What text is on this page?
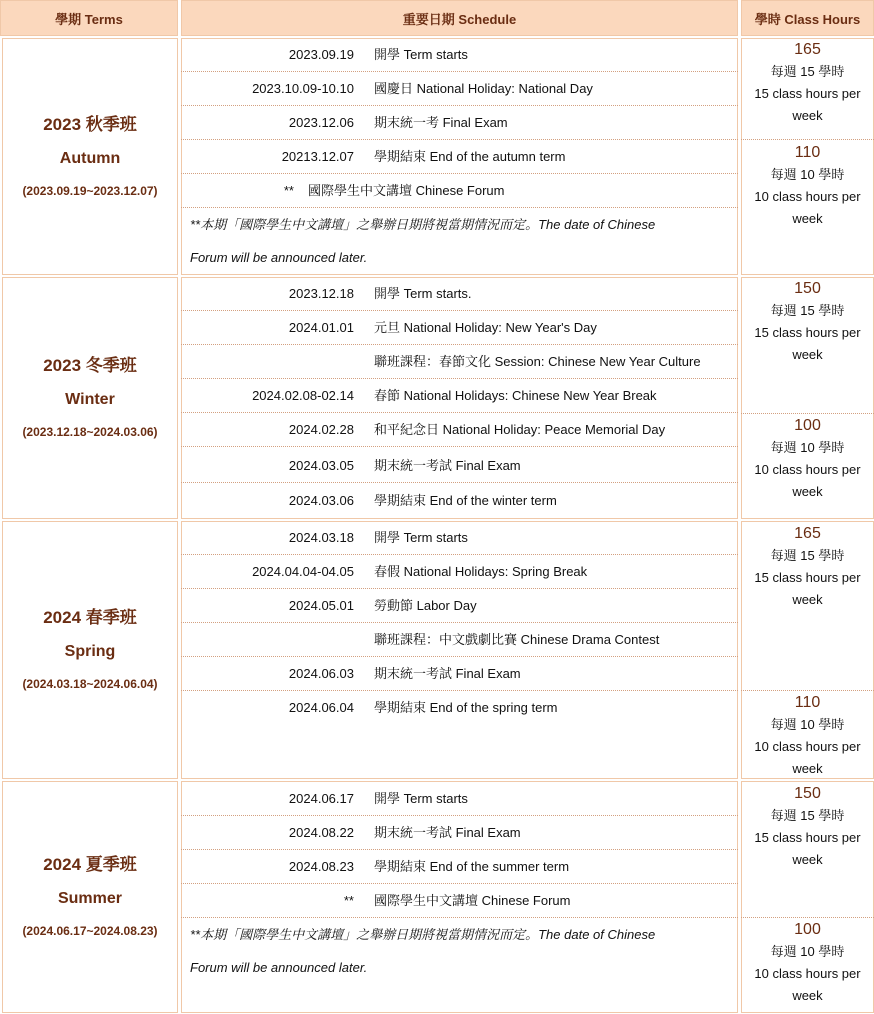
學期 Terms	重要日期 Schedule	學時 Class Hours
2023 秋季班
Autumn
(2023.09.19~2023.12.07)
2023.09.19 開學 Term starts
2023.10.09-10.10 國慶日 National Holiday: National Day
2023.12.06 期末統一考 Final Exam
20213.12.07 學期結束 End of the autumn term
** 國際學生中文講壇 Chinese Forum
**本期「國際學生中文講壇」之舉辦日期將視當期情況而定。The date of Chinese
Forum will be announced later.
165
每週 15 學時
15 class hours per
week
110
每週 10 學時
10 class hours per
week
2023 冬季班
Winter
(2023.12.18~2024.03.06)
2023.12.18 開學 Term starts.
2024.01.01 元旦 National Holiday: New Year's Day
聯班課程：春節文化 Session: Chinese New Year Culture
2024.02.08-02.14 春節 National Holidays: Chinese New Year Break
2024.02.28 和平紀念日 National Holiday: Peace Memorial Day
2024.03.05 期末統一考試 Final Exam
2024.03.06 學期結束 End of the winter term
150
每週 15 學時
15 class hours per
week
100
每週 10 學時
10 class hours per
week
2024 春季班
Spring
(2024.03.18~2024.06.04)
2024.03.18 開學 Term starts
2024.04.04-04.05 春假 National Holidays: Spring Break
2024.05.01 勞動節 Labor Day
聯班課程：中文戲劇比賽 Chinese Drama Contest
2024.06.03 期末統一考試 Final Exam
2024.06.04 學期結束 End of the spring term
165
每週 15 學時
15 class hours per
week
110
每週 10 學時
10 class hours per
week
2024 夏季班
Summer
(2024.06.17~2024.08.23)
2024.06.17 開學 Term starts
2024.08.22 期末統一考試 Final Exam
2024.08.23 學期結束 End of the summer term
** 國際學生中文講壇 Chinese Forum
**本期「國際學生中文講壇」之舉辦日期將視當期情況而定。The date of Chinese
Forum will be announced later.
150
每週 15 學時
15 class hours per
week
100
每週 10 學時
10 class hours per
week
